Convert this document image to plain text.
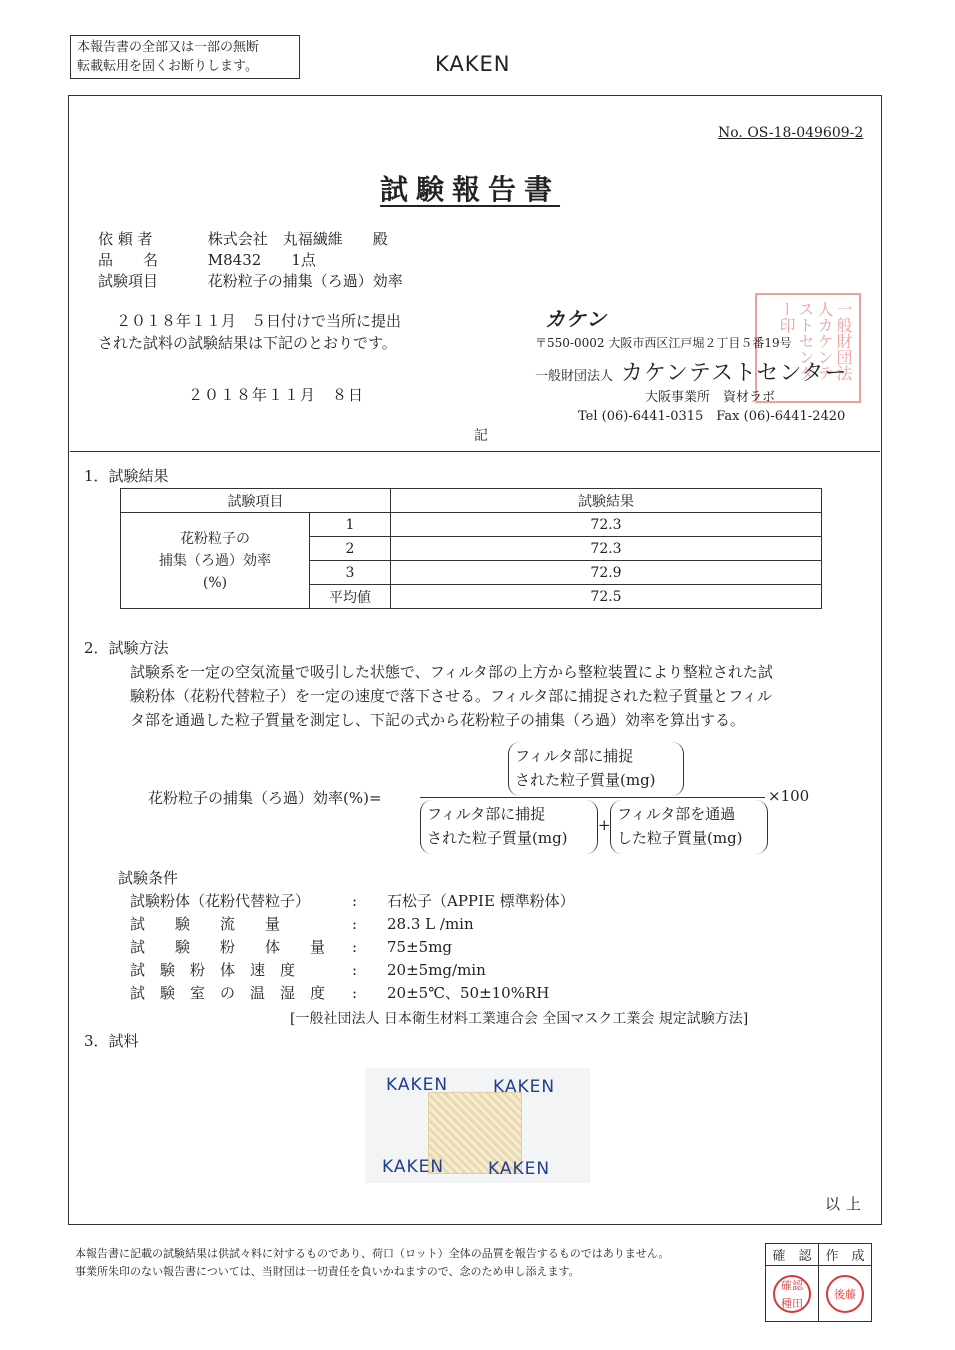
本報告書の全部又は一部の無断
転載転用を固くお断りします。	KAKEN
No. OS-18-049609-2
試験報告書
依 頼 者	株式会社　丸福繊維　　殿
品　　名	M8432　　1点
試験項目	花粉粒子の捕集（ろ過）効率
２０１８年１１月　５日付けで当所に提出
された試料の試験結果は下記のとおりです。
２０１８年１１月　８日
一般財団法人カケンテストセンター印
カケン
〒550-0002 大阪市西区江戸堀２丁目５番19号
一般財団法人 カケンテストセンター
大阪事業所　資材ラボ
Tel (06)-6441-0315　Fax (06)-6441-2420
記
1．試験結果
試験項目		試験結果

花粉粒子の
捕集（ろ過）効率
(%)	1	72.3
	2	72.3
	3	72.9
	平均値	72.5
2．試験方法
試験系を一定の空気流量で吸引した状態で、フィルタ部の上方から整粒装置により整粒された試
験粉体（花粉代替粒子）を一定の速度で落下させる。フィルタ部に捕捉された粒子質量とフィル
タ部を通過した粒子質量を測定し、下記の式から花粉粒子の捕集（ろ過）効率を算出する。
花粉粒子の捕集（ろ過）効率(%)=
フィルタ部に捕捉
された粒子質量(mg)
フィルタ部に捕捉
された粒子質量(mg)
+
フィルタ部を通過
した粒子質量(mg)
×100
試験条件
試験粉体（花粉代替粒子）	: 石松子（APPIE 標準粉体）
試　　験　　流　　量	: 28.3 L /min
試　　験　　粉　　体　　量 : 75±5mg
試　験　粉　体　速　度	: 20±5mg/min
試　験　室　の　温　湿　度 : 20±5℃、50±10%RH
[一般社団法人 日本衛生材料工業連合会 全国マスク工業会 規定試験方法]
3．試料
KAKEN	KAKEN
KAKEN	KAKEN
以上
本報告書に記載の試験結果は供試々料に対するものであり、荷口（ロット）全体の品質を報告するものではありません。
事業所朱印のない報告書については、当財団は一切責任を負いかねますので、念のため申し添えます。
確　認	作　成

確認 種田	後藤
